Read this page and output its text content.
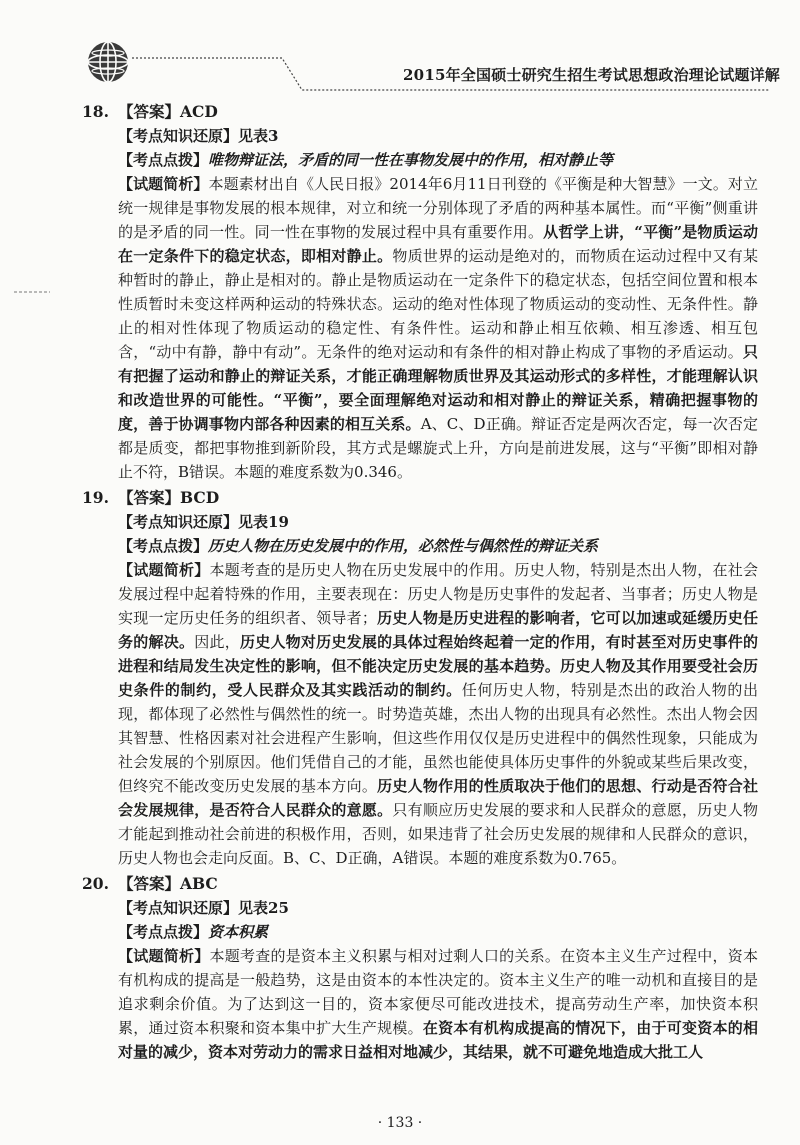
2015年全国硕士研究生招生考试思想政治理论试题详解
18. 【答案】ACD
【考点知识还原】见表3
【考点点拨】唯物辩证法，矛盾的同一性在事物发展中的作用，相对静止等
【试题简析】本题素材出自《人民日报》2014年6月11日刊登的《平衡是种大智慧》一文。对立统一规律是事物发展的根本规律，对立和统一分别体现了矛盾的两种基本属性。而“平衡”侧重讲的是矛盾的同一性。同一性在事物的发展过程中具有重要作用。从哲学上讲，“平衡”是物质运动在一定条件下的稳定状态，即相对静止。物质世界的运动是绝对的，而物质在运动过程中又有某种暂时的静止，静止是相对的。静止是物质运动在一定条件下的稳定状态，包括空间位置和根本性质暂时未变这样两种运动的特殊状态。运动的绝对性体现了物质运动的变动性、无条件性。静止的相对性体现了物质运动的稳定性、有条件性。运动和静止相互依赖、相互渗透、相互包含，“动中有静，静中有动”。无条件的绝对运动和有条件的相对静止构成了事物的矛盾运动。只有把握了运动和静止的辩证关系，才能正确理解物质世界及其运动形式的多样性，才能理解认识和改造世界的可能性。“平衡”，要全面理解绝对运动和相对静止的辩证关系，精确把握事物的度，善于协调事物内部各种因素的相互关系。A、C、D正确。辩证否定是两次否定，每一次否定都是质变，都把事物推到新阶段，其方式是螺旋式上升，方向是前进发展，这与“平衡”即相对静止不符，B错误。本题的难度系数为0.346。
19. 【答案】BCD
【考点知识还原】见表19
【考点点拨】历史人物在历史发展中的作用，必然性与偶然性的辩证关系
【试题简析】本题考查的是历史人物在历史发展中的作用。历史人物，特别是杰出人物，在社会发展过程中起着特殊的作用，主要表现在：历史人物是历史事件的发起者、当事者；历史人物是实现一定历史任务的组织者、领导者；历史人物是历史进程的影响者，它可以加速或延缓历史任务的解决。因此，历史人物对历史发展的具体过程始终起着一定的作用，有时甚至对历史事件的进程和结局发生决定性的影响，但不能决定历史发展的基本趋势。历史人物及其作用要受社会历史条件的制约，受人民群众及其实践活动的制约。任何历史人物，特别是杰出的政治人物的出现，都体现了必然性与偶然性的统一。时势造英雄，杰出人物的出现具有必然性。杰出人物会因其智慧、性格因素对社会进程产生影响，但这些作用仅仅是历史进程中的偶然性现象，只能成为社会发展的个别原因。他们凭借自己的才能，虽然也能使具体历史事件的外貌或某些后果改变，但终究不能改变历史发展的基本方向。历史人物作用的性质取决于他们的思想、行动是否符合社会发展规律，是否符合人民群众的意愿。只有顺应历史发展的要求和人民群众的意愿，历史人物才能起到推动社会前进的积极作用，否则，如果违背了社会历史发展的规律和人民群众的意识，历史人物也会走向反面。B、C、D正确，A错误。本题的难度系数为0.765。
20. 【答案】ABC
【考点知识还原】见表25
【考点点拨】资本积累
【试题简析】本题考查的是资本主义积累与相对过剩人口的关系。在资本主义生产过程中，资本有机构成的提高是一般趋势，这是由资本的本性决定的。资本主义生产的唯一动机和直接目的是追求剩余价值。为了达到这一目的，资本家便尽可能改进技术，提高劳动生产率，加快资本积累，通过资本积聚和资本集中扩大生产规模。在资本有机构成提高的情况下，由于可变资本的相对量的减少，资本对劳动力的需求日益相对地减少，其结果，就不可避免地造成大批工人
· 133 ·
